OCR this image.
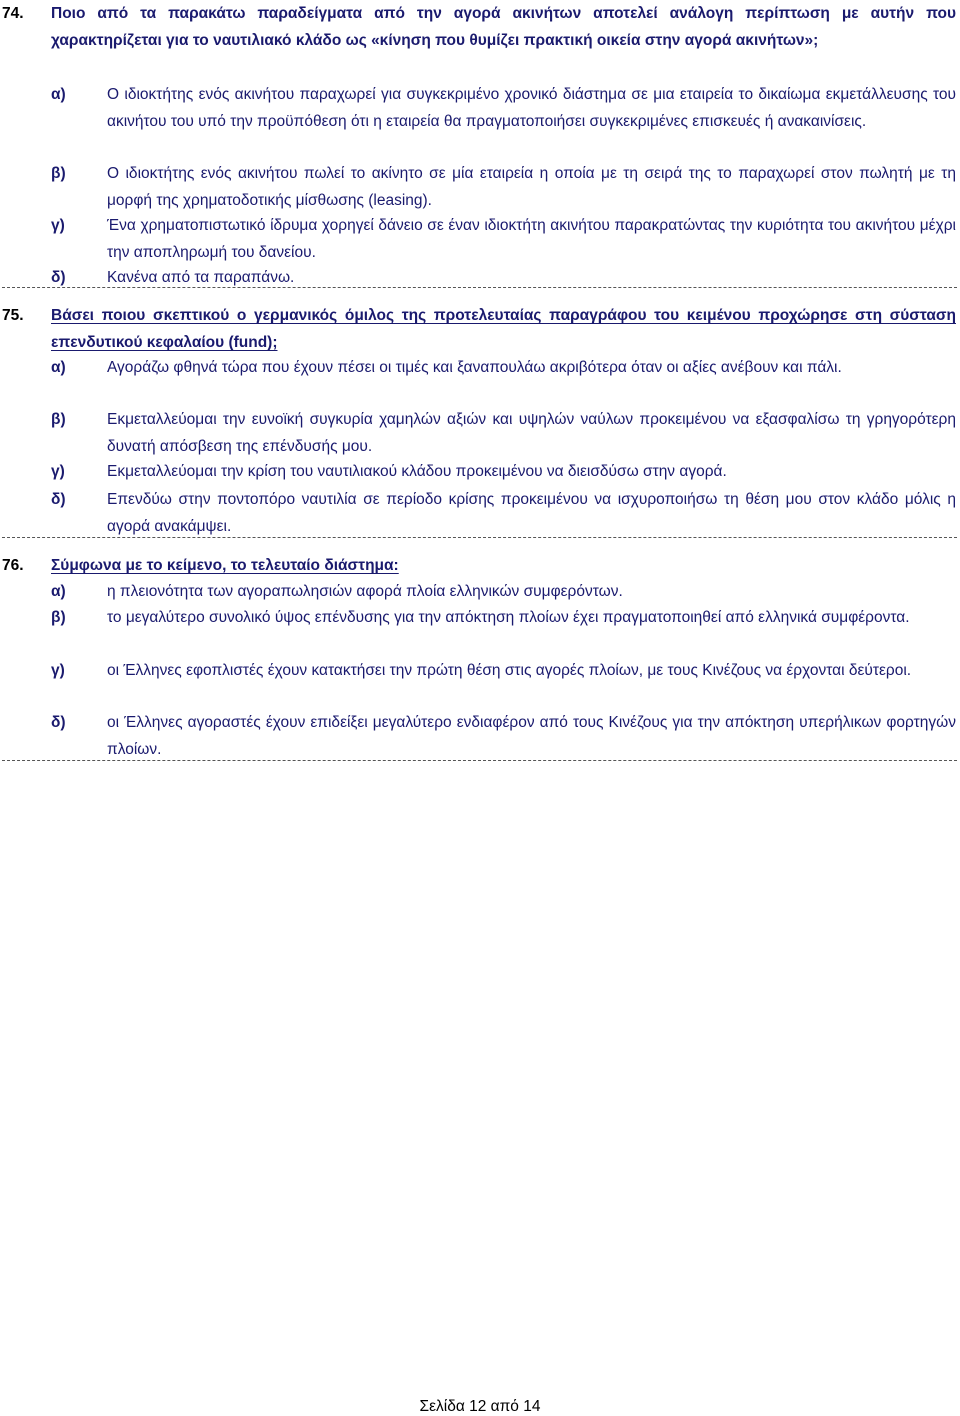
74. Ποιο από τα παρακάτω παραδείγματα από την αγορά ακινήτων αποτελεί ανάλογη περίπτωση με αυτήν που χαρακτηρίζεται για το ναυτιλιακό κλάδο ως «κίνηση που θυμίζει πρακτική οικεία στην αγορά ακινήτων»;
α)	Ο ιδιοκτήτης ενός ακινήτου παραχωρεί για συγκεκριμένο χρονικό διάστημα σε μια εταιρεία το δικαίωμα εκμετάλλευσης του ακινήτου του υπό την προϋπόθεση ότι η εταιρεία θα πραγματοποιήσει συγκεκριμένες επισκευές ή ανακαινίσεις.
β)	Ο ιδιοκτήτης ενός ακινήτου πωλεί το ακίνητο σε μία εταιρεία η οποία με τη σειρά της το παραχωρεί στον πωλητή με τη μορφή της χρηματοδοτικής μίσθωσης (leasing).
γ)	Ένα χρηματοπιστωτικό ίδρυμα χορηγεί δάνειο σε έναν ιδιοκτήτη ακινήτου παρακρατώντας την κυριότητα του ακινήτου μέχρι την αποπληρωμή του δανείου.
δ)	Κανένα από τα παραπάνω.
75. Βάσει ποιου σκεπτικού ο γερμανικός όμιλος της προτελευταίας παραγράφου του κειμένου προχώρησε στη σύσταση επενδυτικού κεφαλαίου (fund);
α)	Αγοράζω φθηνά τώρα που έχουν πέσει οι τιμές και ξαναπουλάω ακριβότερα όταν οι αξίες ανέβουν και πάλι.
β)	Εκμεταλλεύομαι την ευνοϊκή συγκυρία χαμηλών αξιών και υψηλών ναύλων προκειμένου να εξασφαλίσω τη γρηγορότερη δυνατή απόσβεση της επένδυσής μου.
γ)	Εκμεταλλεύομαι την κρίση του ναυτιλιακού κλάδου προκειμένου να διεισδύσω στην αγορά.
δ)	Επενδύω στην ποντοπόρο ναυτιλία σε περίοδο κρίσης προκειμένου να ισχυροποιήσω τη θέση μου στον κλάδο μόλις η αγορά ανακάμψει.
76. Σύμφωνα με το κείμενο, το τελευταίο διάστημα:
α)	η πλειονότητα των αγοραπωλησιών αφορά πλοία ελληνικών συμφερόντων.
β)	το μεγαλύτερο συνολικό ύψος επένδυσης για την απόκτηση πλοίων έχει πραγματοποιηθεί από ελληνικά συμφέροντα.
γ)	οι Έλληνες εφοπλιστές έχουν κατακτήσει την πρώτη θέση στις αγορές πλοίων, με τους Κινέζους να έρχονται δεύτεροι.
δ)	οι Έλληνες αγοραστές έχουν επιδείξει μεγαλύτερο ενδιαφέρον από τους Κινέζους για την απόκτηση υπερήλικων φορτηγών πλοίων.
Σελίδα 12 από 14
